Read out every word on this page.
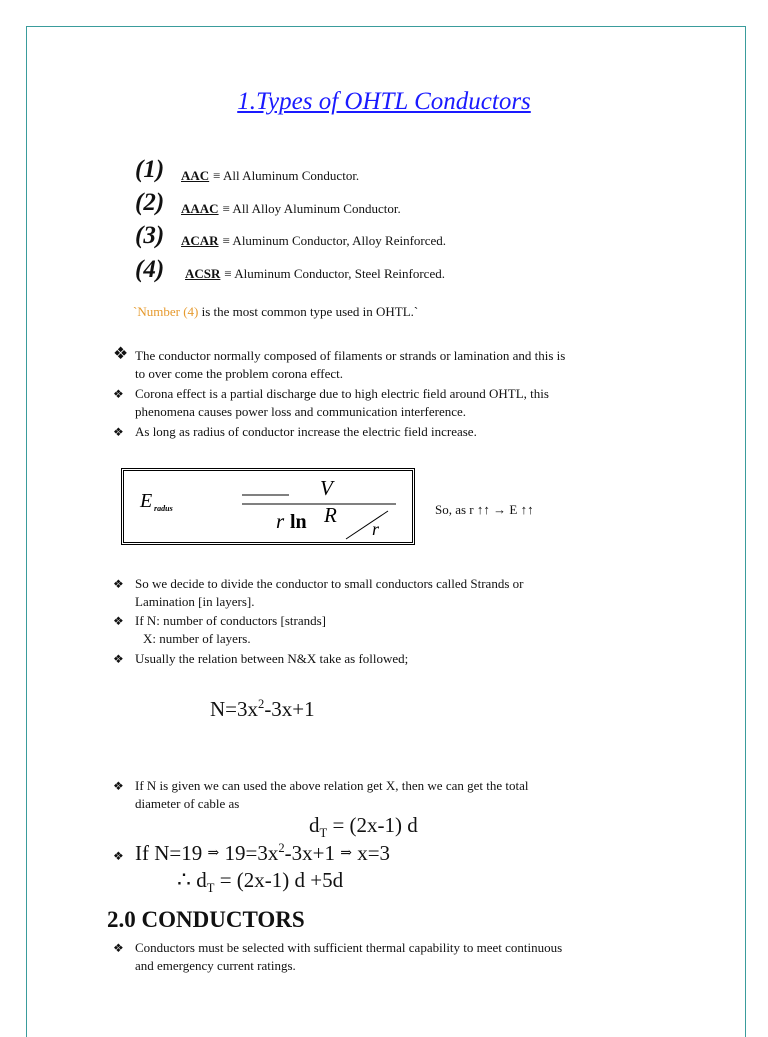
1.Types of OHTL Conductors
(1) AAC ≡ All Aluminum Conductor.
(2) AAAC ≡ All Alloy Aluminum Conductor.
(3) ACAR ≡ Aluminum Conductor, Alloy Reinforced.
(4) ACSR ≡ Aluminum Conductor, Steel Reinforced.
`Number (4) is the most common type used in OHTL.`
❖ The conductor normally composed of filaments or strands or lamination and this is
to over come the problem corona effect.
❖ Corona effect is a partial discharge due to high electric field around OHTL, this
phenomena causes power loss and communication interference.
❖ As long as radius of conductor increase the electric field increase.
E radus
V
r ln R
r
So, as r ↑↑ → E ↑↑
❖ So we decide to divide the conductor to small conductors called Strands or
Lamination [in layers].
❖ If N: number of conductors [strands]
X: number of layers.
❖ Usually the relation between N&X take as followed;
$N=3x^2-3x+1$
❖ If N is given we can used the above relation get X, then we can get the total
diameter of cable as
$d_T = (2x-1)$ d
❖ If N=19 ⇒ $19=3x^2-3x+1$ ⇒ x=3
∴ $d_T = (2x-1)$ d +5d
2.0 CONDUCTORS
❖ Conductors must be selected with sufficient thermal capability to meet continuous
and emergency current ratings.
